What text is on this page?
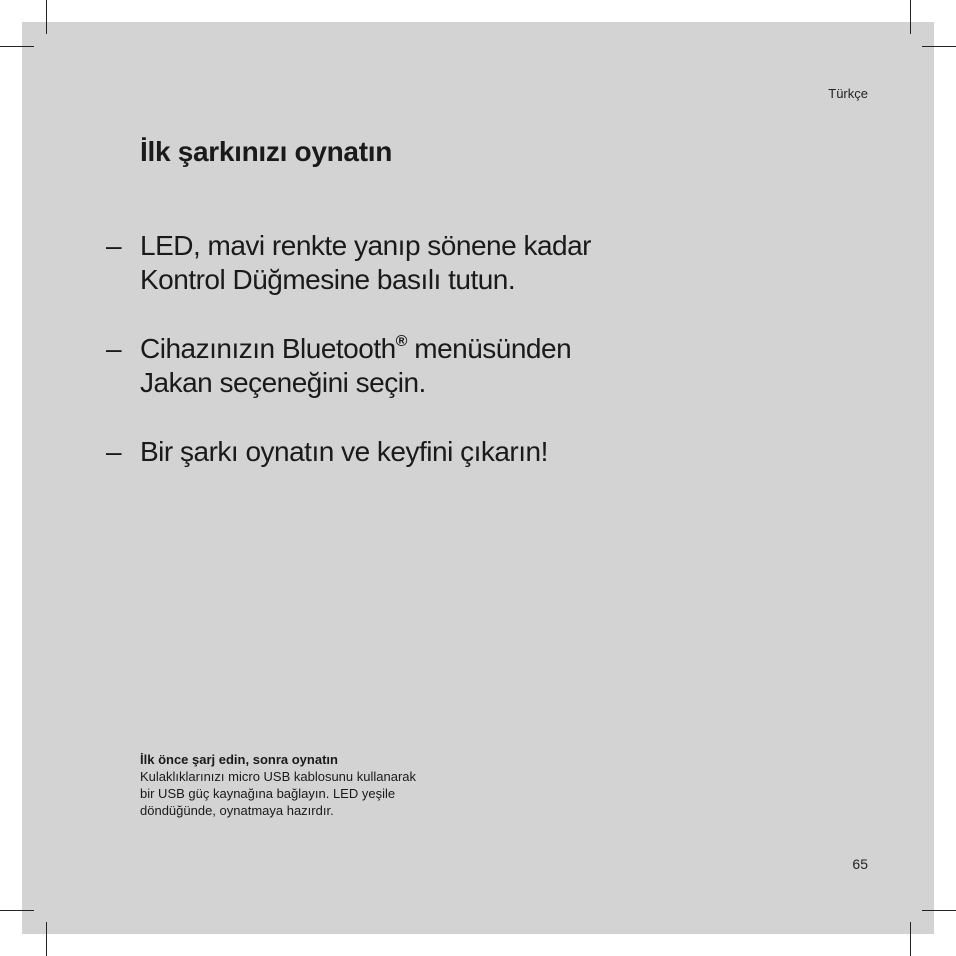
Türkçe
İlk şarkınızı oynatın
– LED, mavi renkte yanıp sönene kadar
Kontrol Düğmesine basılı tutun.
– Cihazınızın Bluetooth® menüsünden
Jakan seçeneğini seçin.
– Bir şarkı oynatın ve keyfini çıkarın!
İlk önce şarj edin, sonra oynatın
Kulaklıklarınızı micro USB kablosunu kullanarak
bir USB güç kaynağına bağlayın. LED yeşile
döndüğünde, oynatmaya hazırdır.
65
